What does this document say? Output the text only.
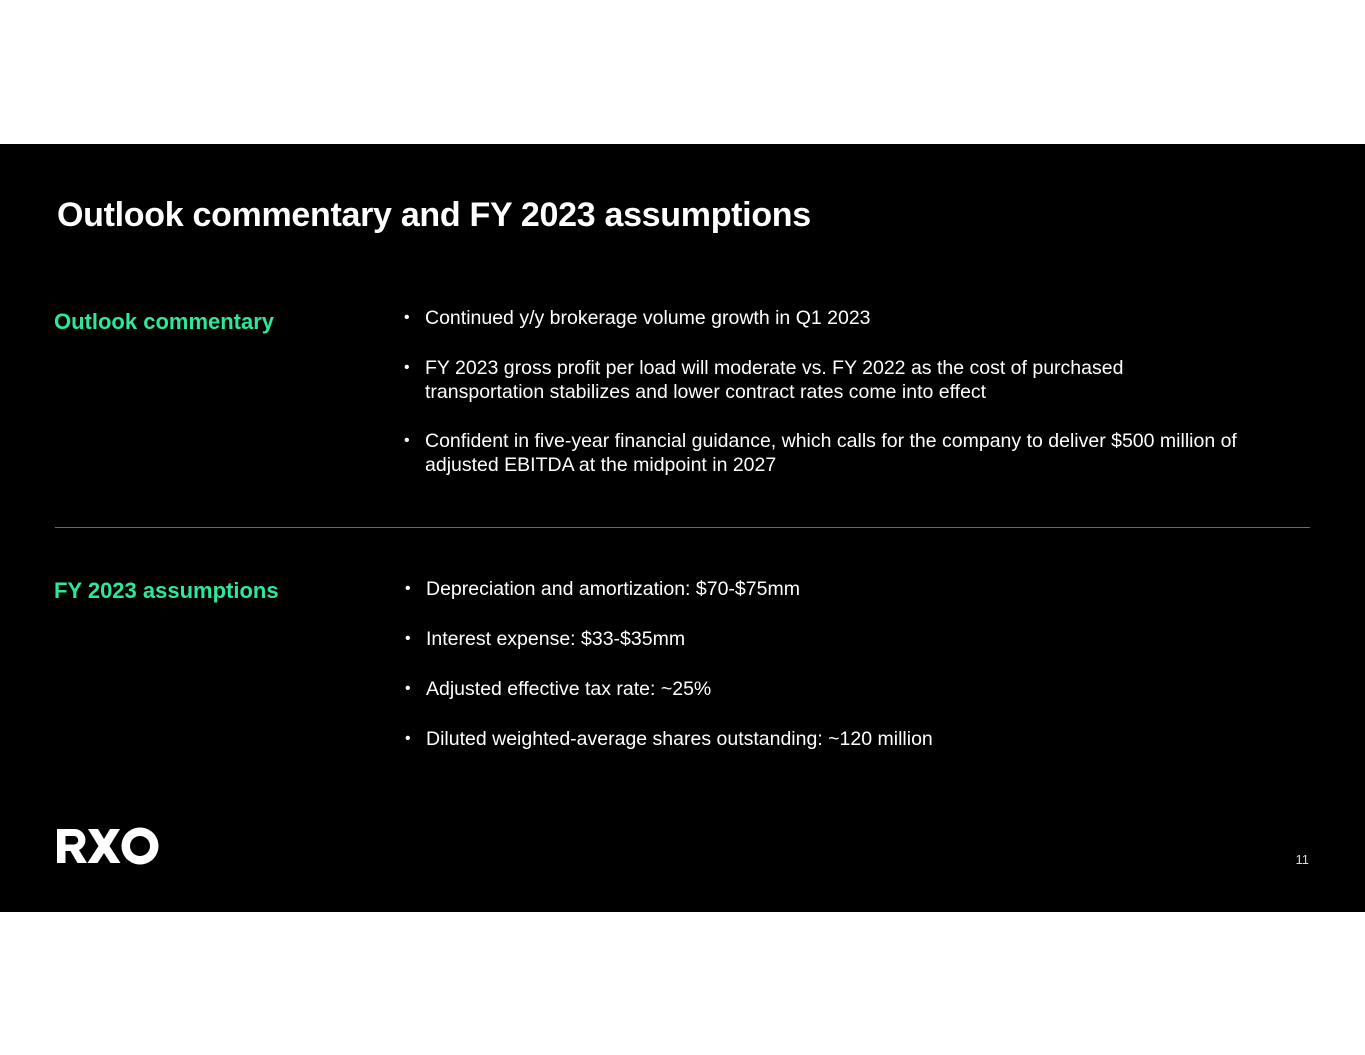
Outlook commentary and FY 2023 assumptions
Outlook commentary	• Continued y/y brokerage volume growth in Q1 2023
• FY 2023 gross profit per load will moderate vs. FY 2022 as the cost of purchased transportation stabilizes and lower contract rates come into effect
• Confident in five-year financial guidance, which calls for the company to deliver $500 million of adjusted EBITDA at the midpoint in 2027
FY 2023 assumptions	• Depreciation and amortization: $70-$75mm
• Interest expense: $33-$35mm
• Adjusted effective tax rate: ~25%
• Diluted weighted-average shares outstanding: ~120 million
11
